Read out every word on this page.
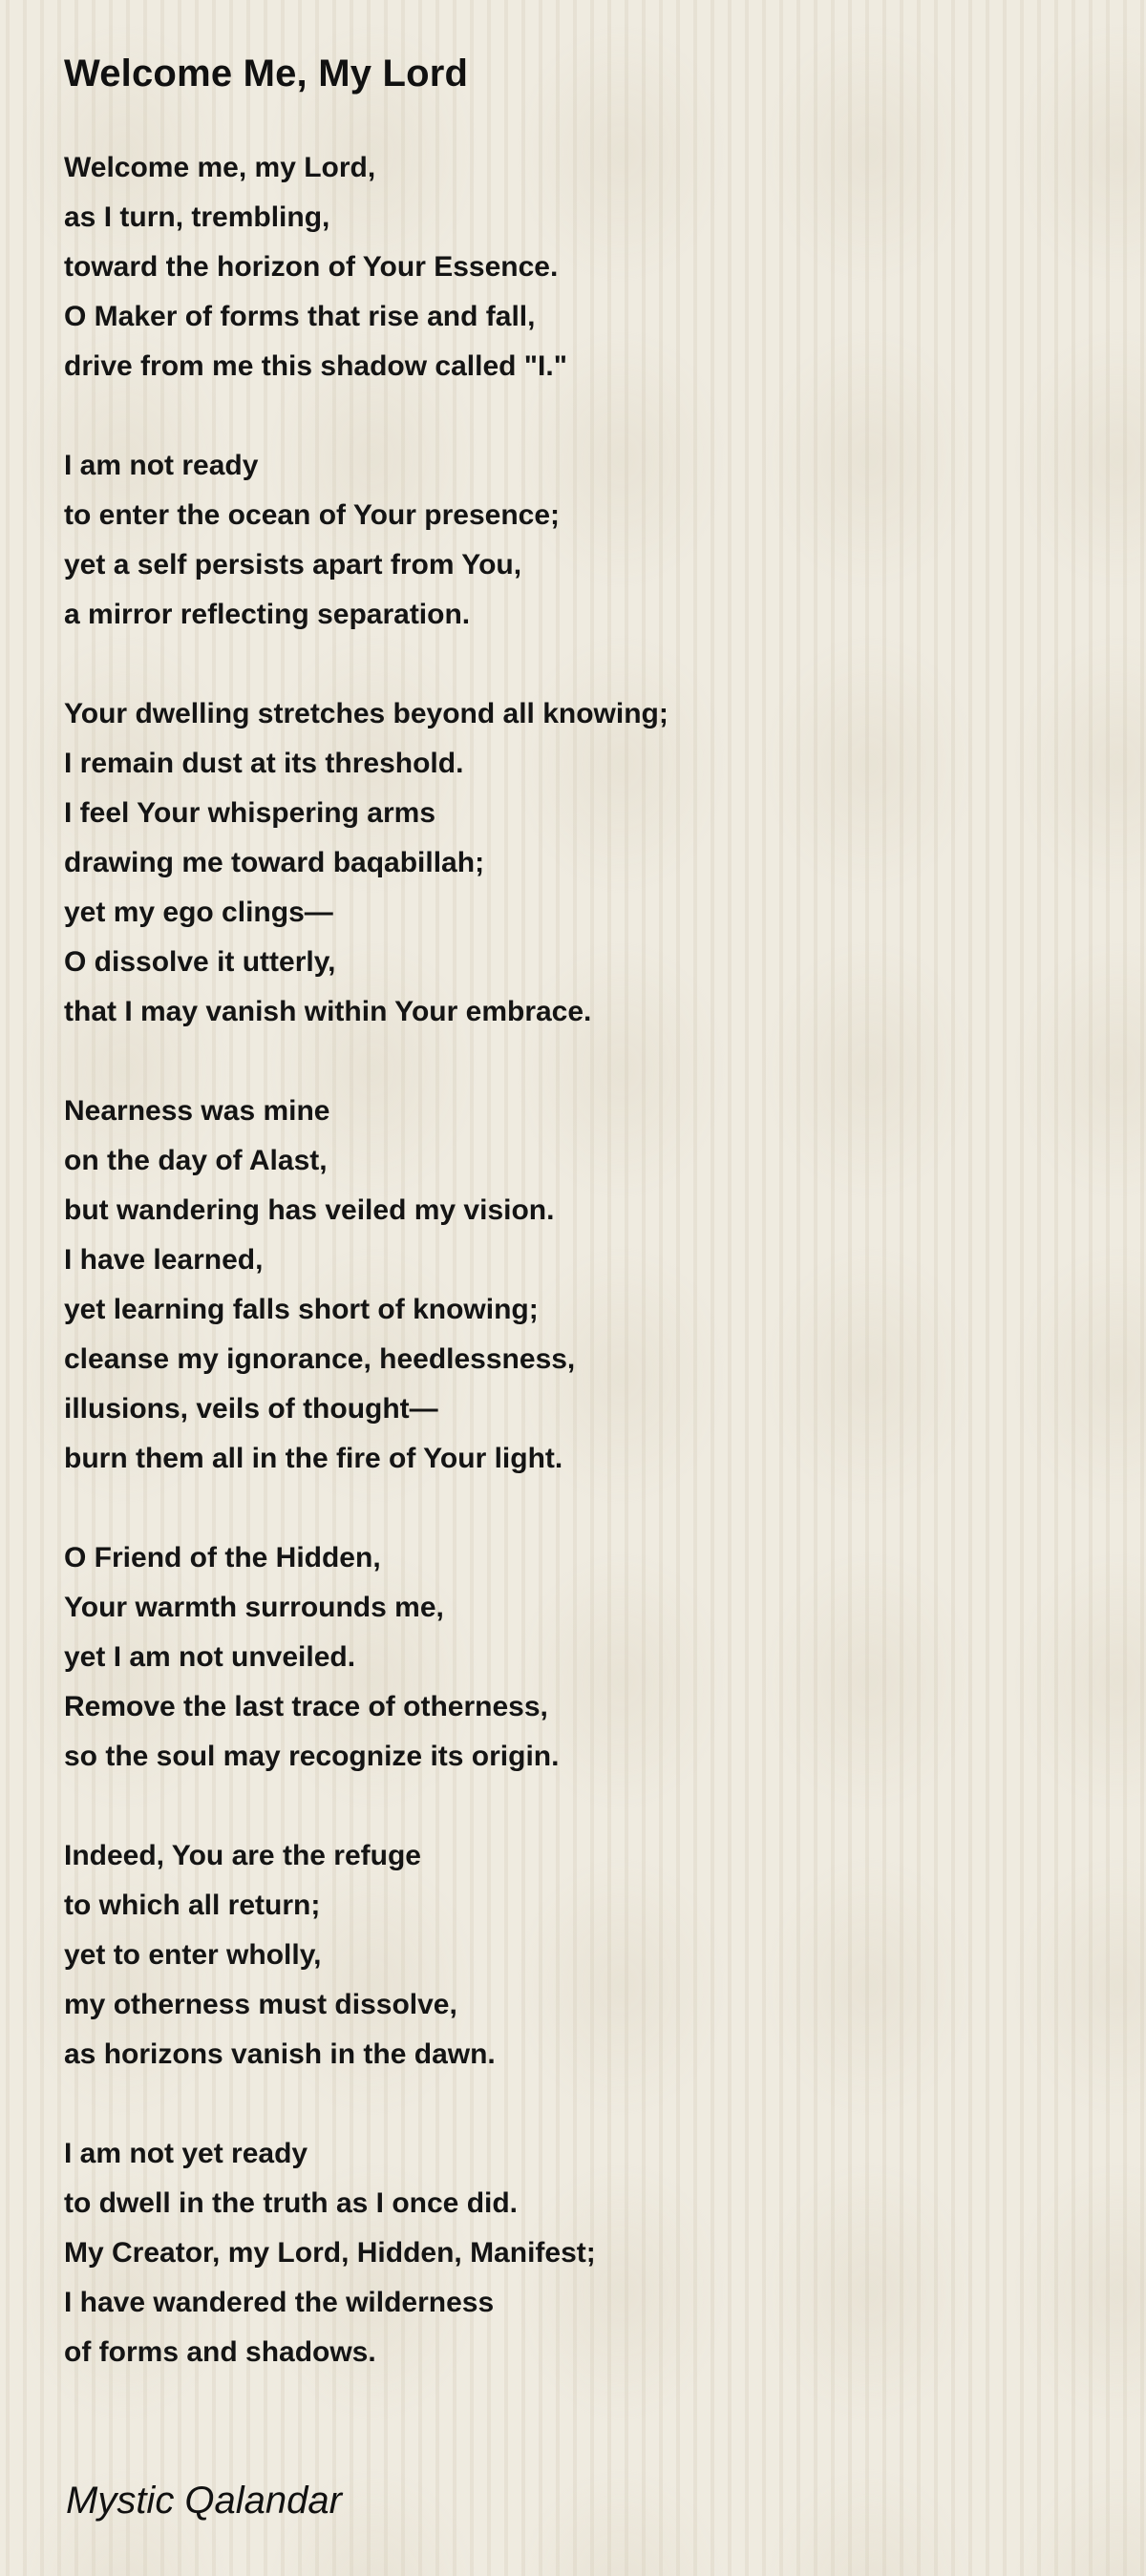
Welcome Me, My Lord
Welcome me, my Lord,
as I turn, trembling,
toward the horizon of Your Essence.
O Maker of forms that rise and fall,
drive from me this shadow called "I."
I am not ready
to enter the ocean of Your presence;
yet a self persists apart from You,
a mirror reflecting separation.
Your dwelling stretches beyond all knowing;
I remain dust at its threshold.
I feel Your whispering arms
drawing me toward baqabillah;
yet my ego clings—
O dissolve it utterly,
that I may vanish within Your embrace.
Nearness was mine
on the day of Alast,
but wandering has veiled my vision.
I have learned,
yet learning falls short of knowing;
cleanse my ignorance, heedlessness,
illusions, veils of thought—
burn them all in the fire of Your light.
O Friend of the Hidden,
Your warmth surrounds me,
yet I am not unveiled.
Remove the last trace of otherness,
so the soul may recognize its origin.
Indeed, You are the refuge
to which all return;
yet to enter wholly,
my otherness must dissolve,
as horizons vanish in the dawn.
I am not yet ready
to dwell in the truth as I once did.
My Creator, my Lord, Hidden, Manifest;
I have wandered the wilderness
of forms and shadows.
Mystic Qalandar
